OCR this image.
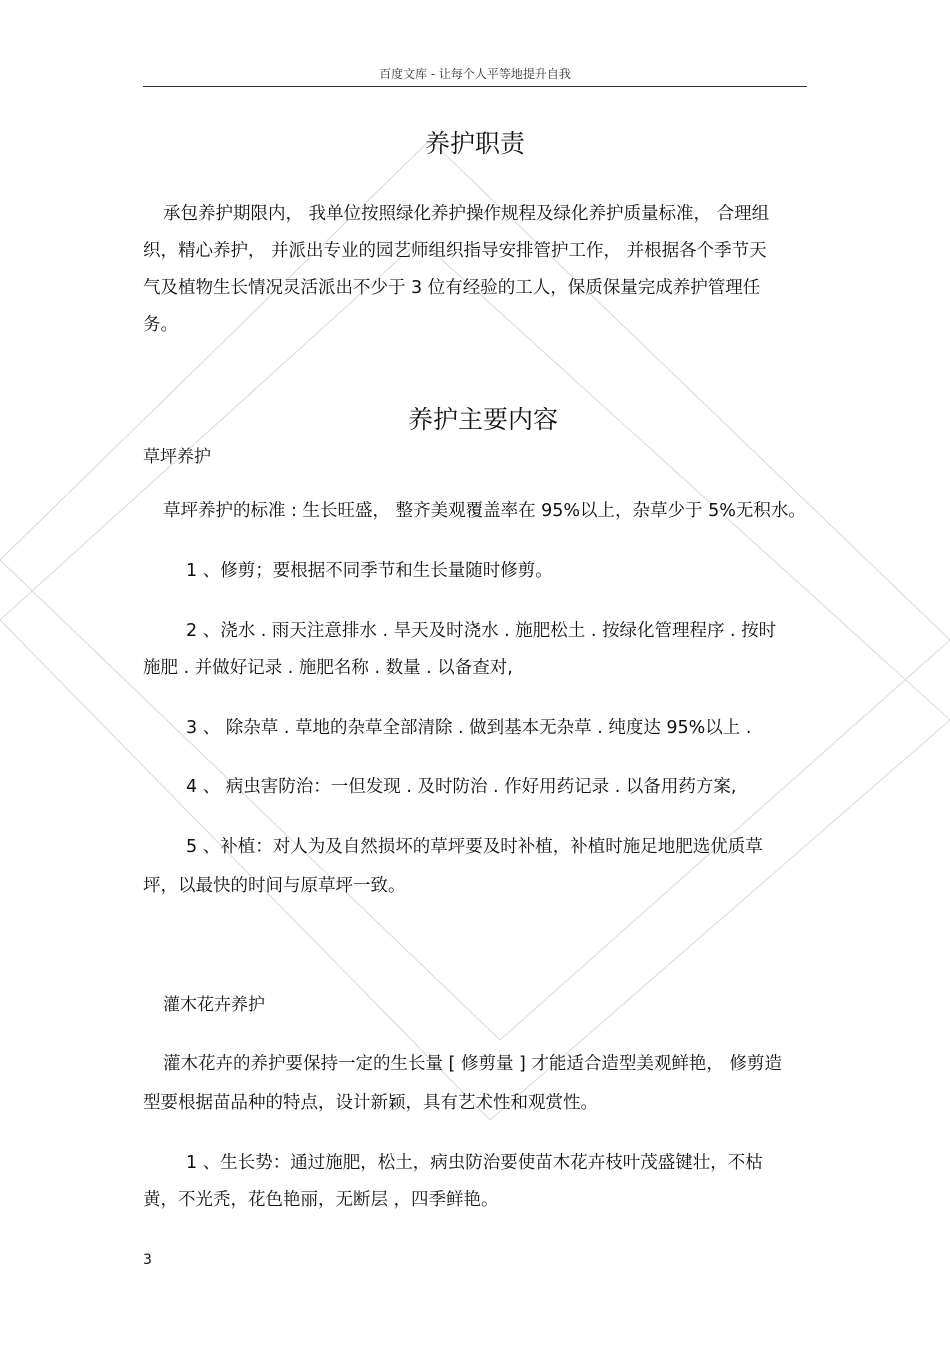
百度文库 - 让每个人平等地提升自我
养护职责
承包养护期限内， 我单位按照绿化养护操作规程及绿化养护质量标准， 合理组
织，精心养护， 并派出专业的园艺师组织指导安排管护工作， 并根据各个季节天
气及植物生长情况灵活派出不少于 3 位有经验的工人，保质保量完成养护管理任
务。
养护主要内容
草坪养护
草坪养护的标准 : 生长旺盛， 整齐美观覆盖率在 95%以上，杂草少于 5%无积水。
1 、修剪；要根据不同季节和生长量随时修剪。
2 、浇水 . 雨天注意排水 . 旱天及时浇水 . 施肥松土 . 按绿化管理程序 . 按时
施肥 . 并做好记录 . 施肥名称 . 数量 . 以备查对,
3 、 除杂草 . 草地的杂草全部清除 . 做到基本无杂草 . 纯度达 95%以上 .
4 、 病虫害防治：一但发现 . 及时防治 . 作好用药记录 . 以备用药方案,
5 、补植：对人为及自然损坏的草坪要及时补植，补植时施足地肥选优质草
坪，以最快的时间与原草坪一致。
灌木花卉养护
灌木花卉的养护要保持一定的生长量 [ 修剪量 ] 才能适合造型美观鲜艳， 修剪造
型要根据苗品种的特点，设计新颖，具有艺术性和观赏性。
1 、生长势：通过施肥，松土，病虫防治要使苗木花卉枝叶茂盛键壮，不枯
黄，不光秃，花色艳丽，无断层 ，四季鲜艳。
3
